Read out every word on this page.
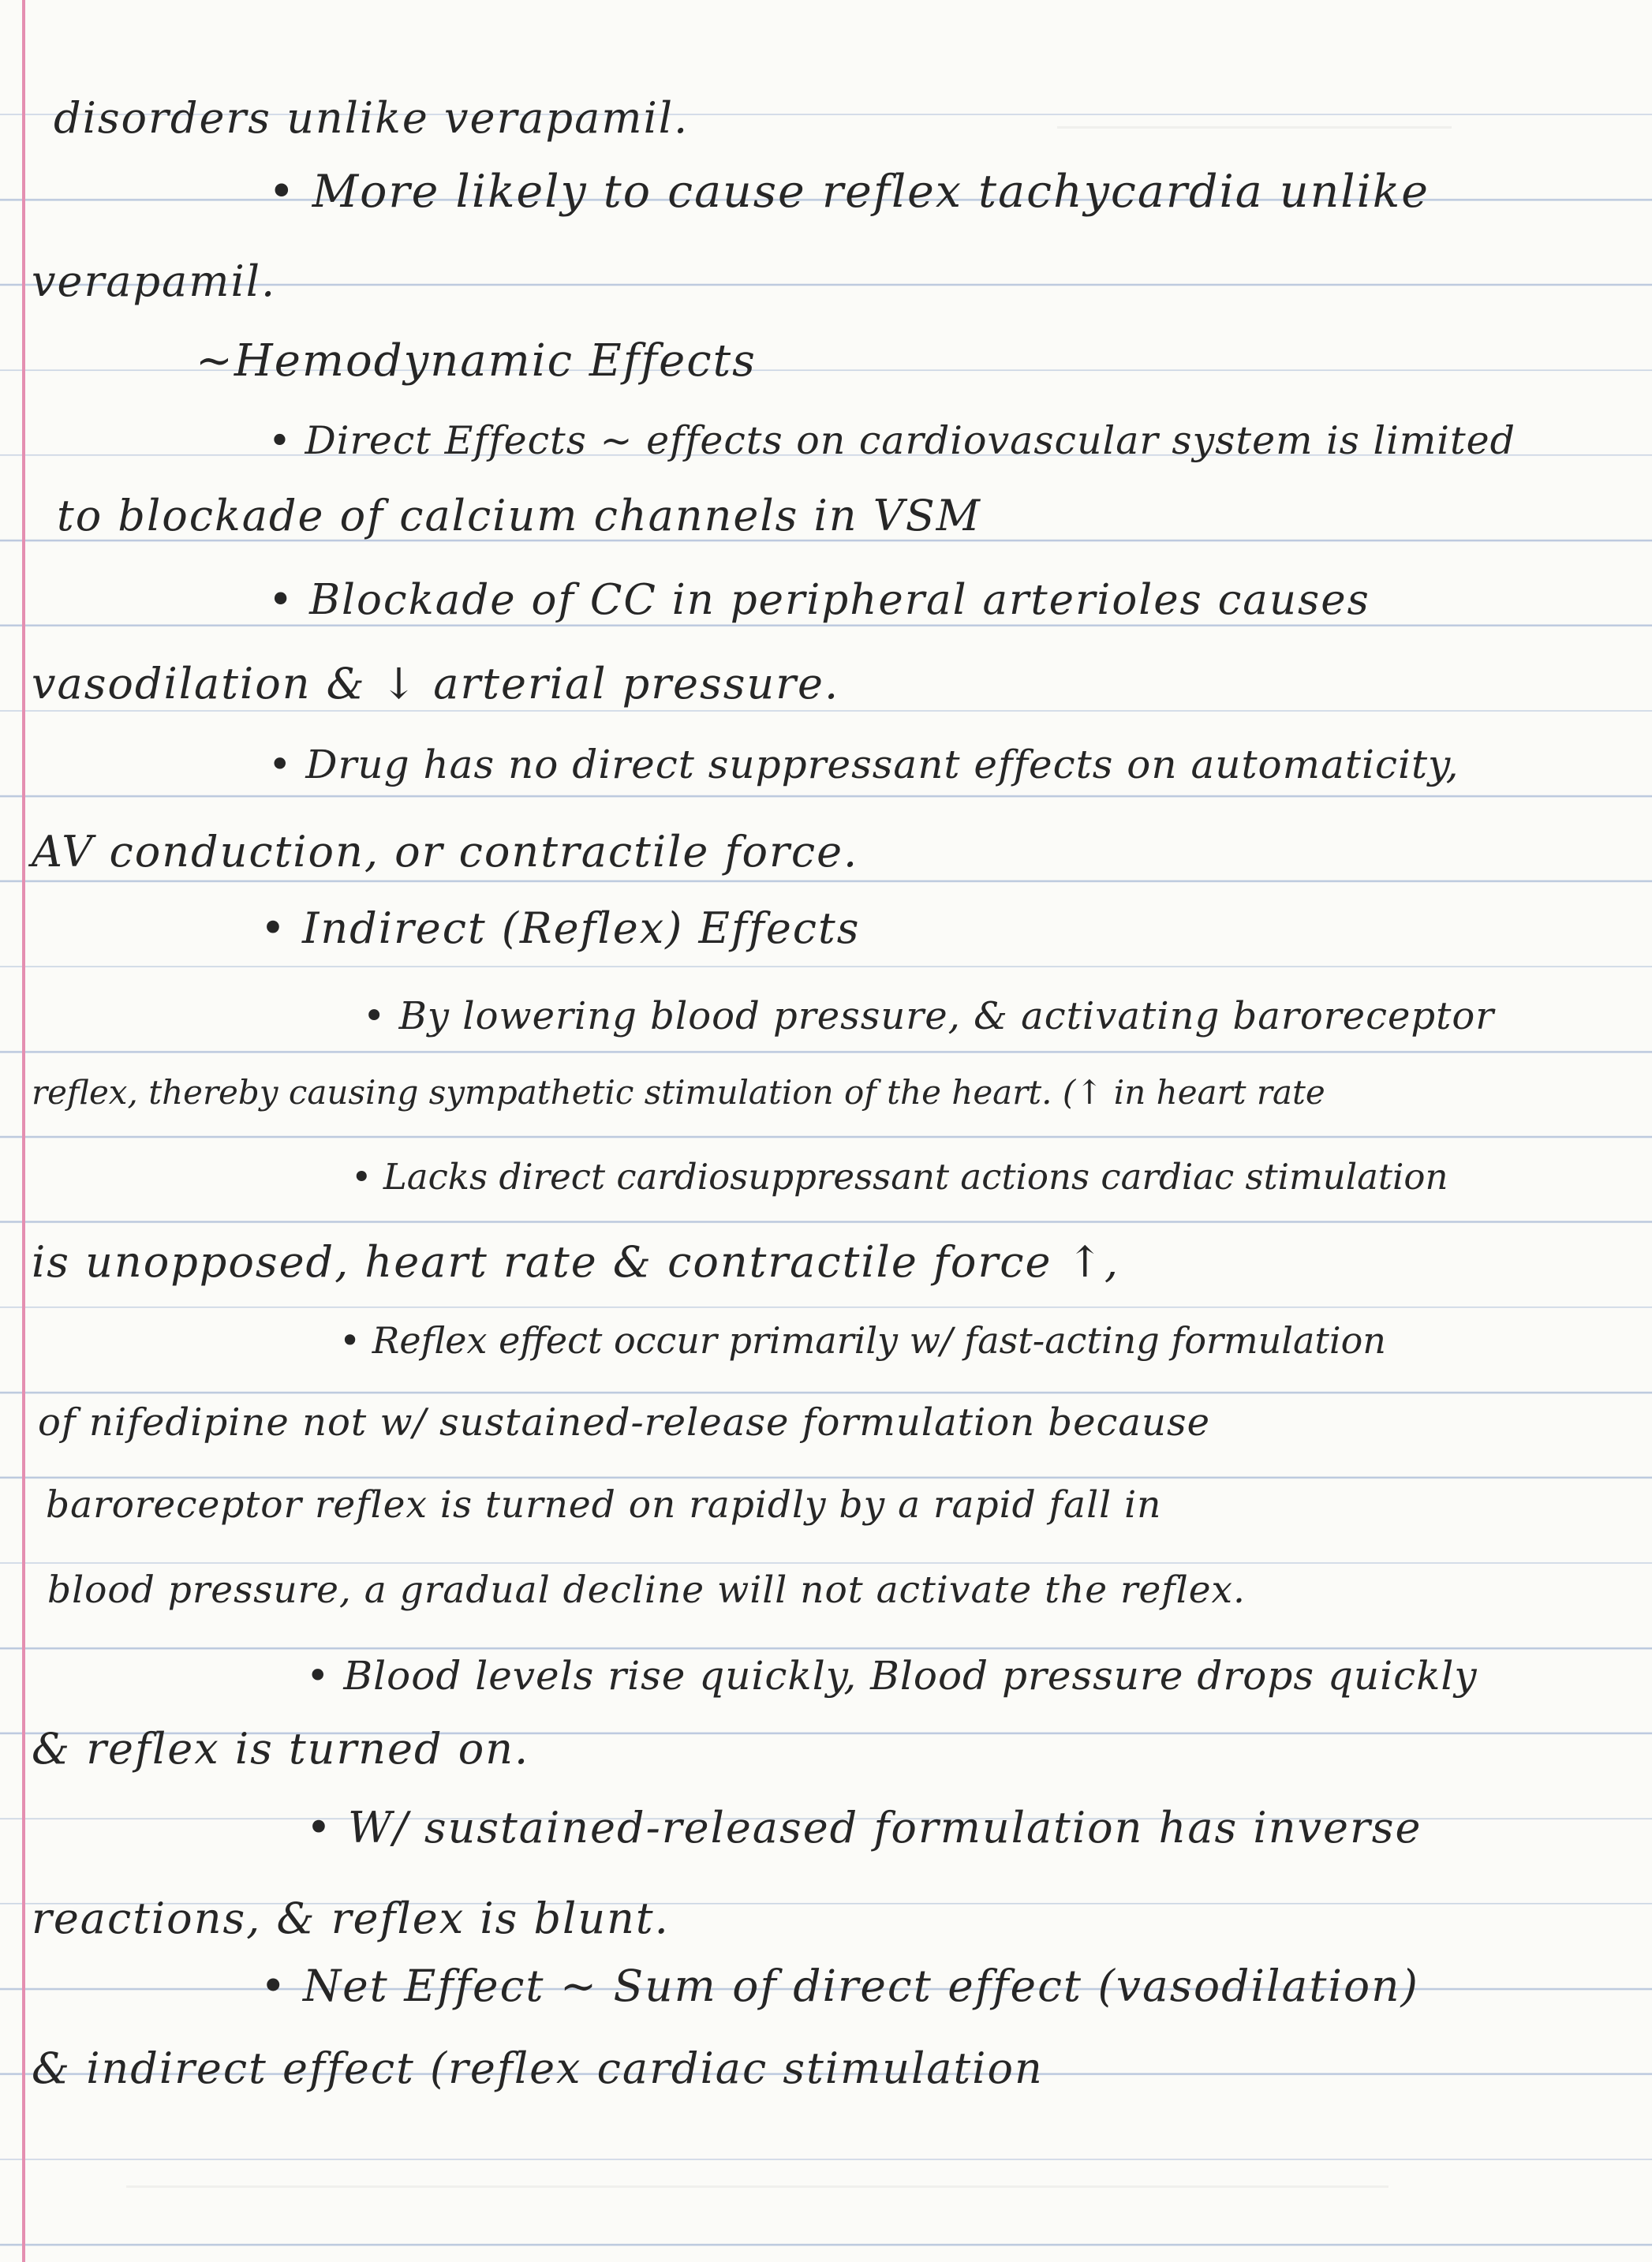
disorders unlike verapamil.
• More likely to cause reflex tachycardia unlike
verapamil.
~Hemodynamic Effects
• Direct Effects ~ effects on cardiovascular system is limited
to blockade of calcium channels in VSM
• Blockade of CC in peripheral arterioles causes
vasodilation & ↓ arterial pressure.
• Drug has no direct suppressant effects on automaticity,
AV conduction, or contractile force.
• Indirect (Reflex) Effects
• By lowering blood pressure, & activating baroreceptor
reflex, thereby causing sympathetic stimulation of the heart. (↑ in heart rate
• Lacks direct cardiosuppressant actions cardiac stimulation
is unopposed, heart rate & contractile force ↑,
• Reflex effect occur primarily w/ fast-acting formulation
of nifedipine not w/ sustained-release formulation because
baroreceptor reflex is turned on rapidly by a rapid fall in
blood pressure, a gradual decline will not activate the reflex.
• Blood levels rise quickly, Blood pressure drops quickly
& reflex is turned on.
• W/ sustained-released formulation has inverse
reactions, & reflex is blunt.
• Net Effect ~ Sum of direct effect (vasodilation)
& indirect effect (reflex cardiac stimulation
